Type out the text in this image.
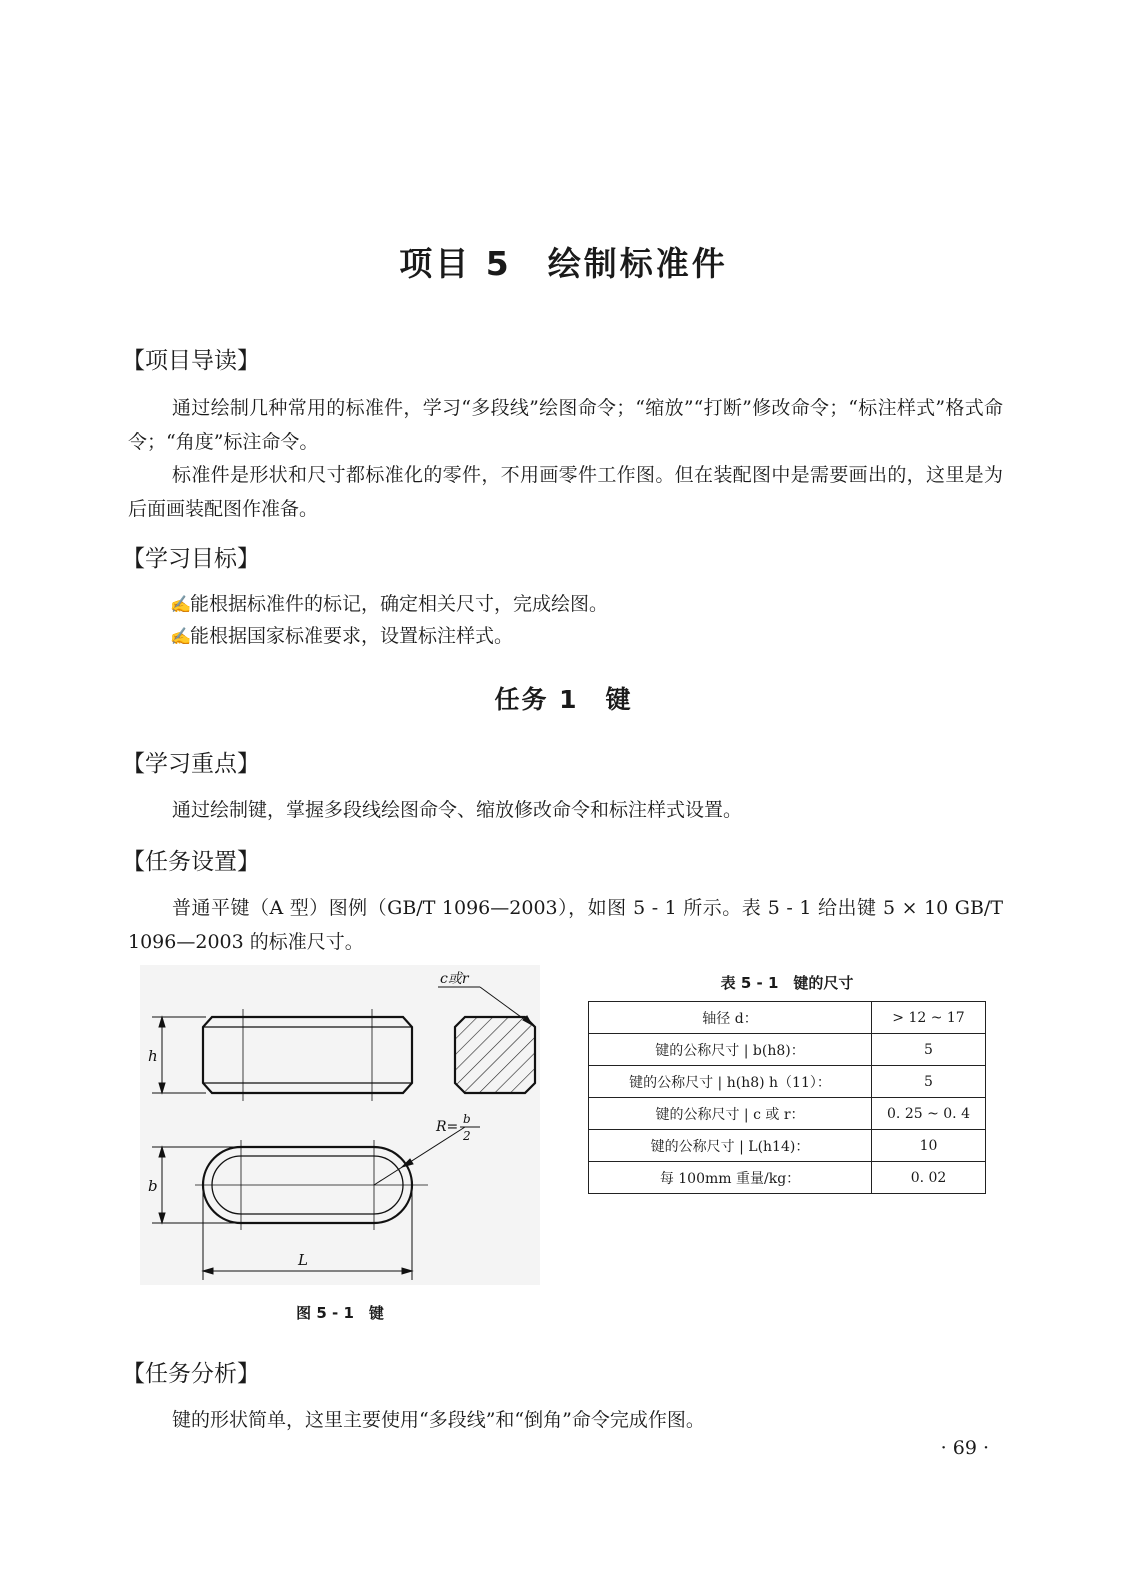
项目 5　绘制标准件
【项目导读】
通过绘制几种常用的标准件，学习“多段线”绘图命令；“缩放”“打断”修改命令；“标注样式”格式命令；“角度”标注命令。
标准件是形状和尺寸都标准化的零件，不用画零件工作图。但在装配图中是需要画出的，这里是为后面画装配图作准备。
【学习目标】
✍能根据标准件的标记，确定相关尺寸，完成绘图。
✍能根据国家标准要求，设置标注样式。
任务 1　键
【学习重点】
通过绘制键，掌握多段线绘图命令、缩放修改命令和标注样式设置。
【任务设置】
普通平键（A 型）图例（GB/T 1096—2003），如图 5 - 1 所示。表 5 - 1 给出键 5 × 10 GB/T 1096—2003 的标准尺寸。
h
c或r
R= b
2
b
L
图 5 - 1　键
表 5 - 1　键的尺寸
轴径 d：	> 12 ~ 17
键的公称尺寸 | b(h8)：	5
键的公称尺寸 | h(h8) h（11）：	5
键的公称尺寸 | c 或 r：	0. 25 ~ 0. 4
键的公称尺寸 | L(h14)：	10
每 100mm 重量/kg：	0. 02
【任务分析】
键的形状简单，这里主要使用“多段线”和“倒角”命令完成作图。
· 69 ·
